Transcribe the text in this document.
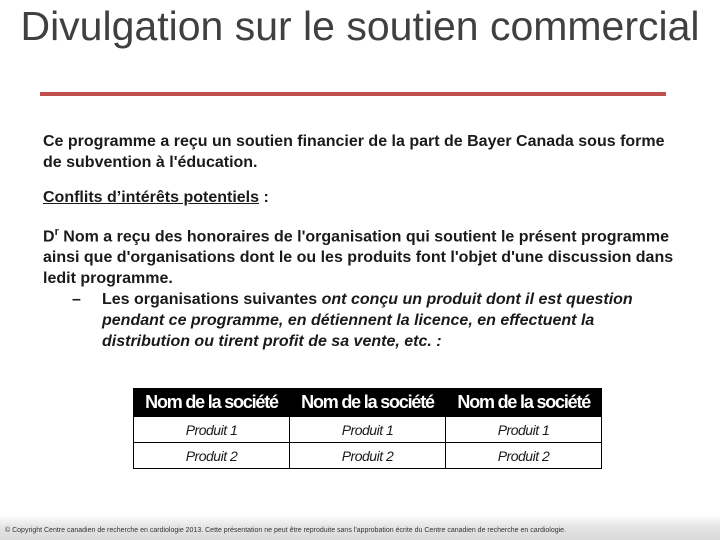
Divulgation sur le soutien commercial

Ce programme a reçu un soutien financier de la part de Bayer Canada sous forme de subvention à l'éducation.

Conflits d’intérêts potentiels :

$D^r$ Nom a reçu des honoraires de l'organisation qui soutient le présent programme ainsi que d'organisations dont le ou les produits font l'objet d'une discussion dans ledit programme.

– Les organisations suivantes ont conçu un produit dont il est question pendant ce programme, en détiennent la licence, en effectuent la distribution ou tirent profit de sa vente, etc. :

Nom de la société	Nom de la société	Nom de la société
Produit 1	Produit 1	Produit 1
Produit 2	Produit 2	Produit 2
© Copyright Centre canadien de recherche en cardiologie 2013. Cette présentation ne peut être reproduite sans l'approbation écrite du Centre canadien de recherche en cardiologie.
